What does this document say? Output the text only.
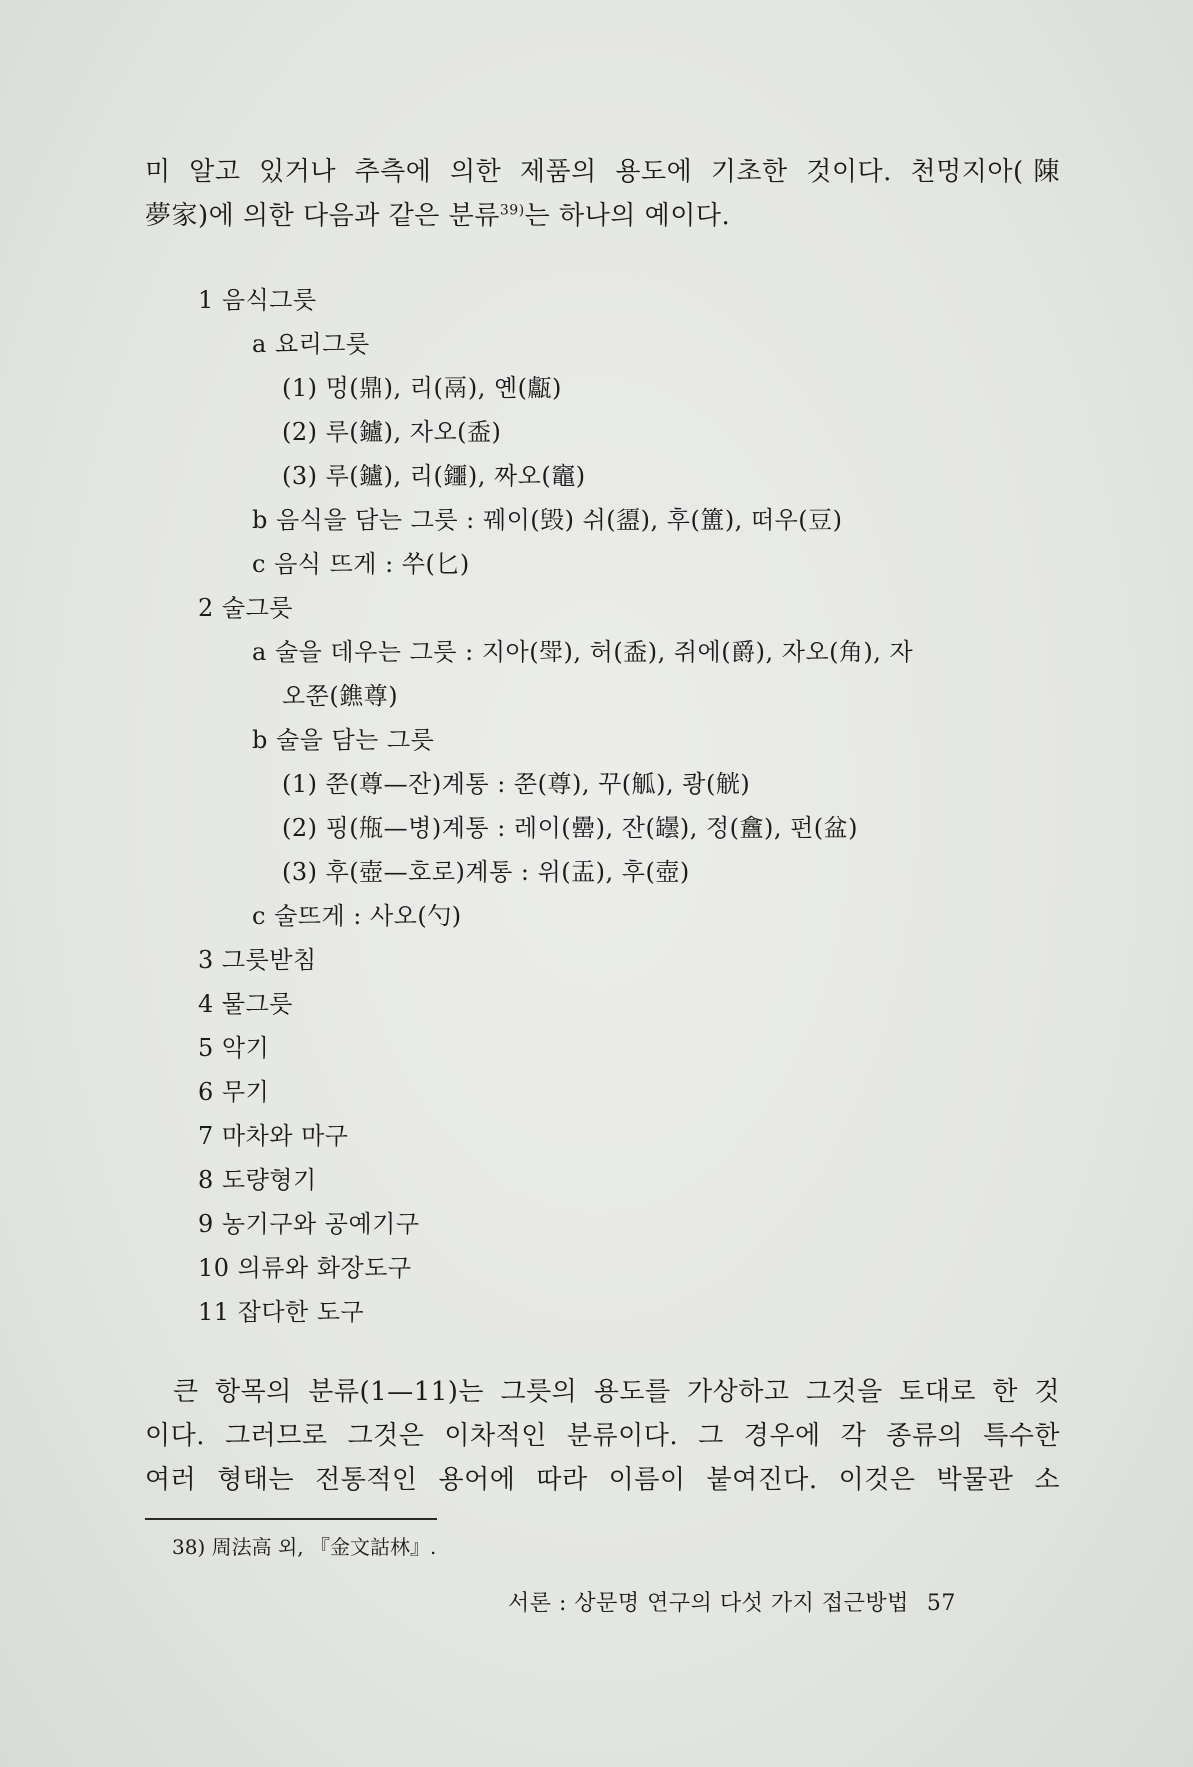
미 알고 있거나 추측에 의한 제품의 용도에 기초한 것이다. 천멍지아(陳
夢家)에 의한 다음과 같은 분류$^{39)}$는 하나의 예이다.
1 음식그릇
a 요리그릇
(1) 멍(鼎), 리(鬲), 옌(甗)
(2) 루(鑪), 자오(盉)
(3) 루(鑪), 리(鑩), 짜오(竈)
b 음식을 담는 그릇 : 꿰이(毁) 쉬(盨), 후(簠), 떠우(豆)
c 음식 뜨게 : 쑤(匕)
2 술그릇
a 술을 데우는 그릇 : 지아(斝), 허(盉), 쥐에(爵), 자오(角), 자
오쭌(鐎尊)
b 술을 담는 그릇
(1) 쭌(尊—잔)계통 : 쭌(尊), 꾸(觚), 쾅(觥)
(2) 핑(甁—병)계통 : 레이(罍), 잔(罎), 정(盫), 펀(盆)
(3) 후(壺—호로)계통 : 위(盂), 후(壺)
c 술뜨게 : 사오(勺)
3 그릇받침
4 물그릇
5 악기
6 무기
7 마차와 마구
8 도량형기
9 농기구와 공예기구
10 의류와 화장도구
11 잡다한 도구
큰 항목의 분류(1—11)는 그릇의 용도를 가상하고 그것을 토대로 한 것
이다. 그러므로 그것은 이차적인 분류이다. 그 경우에 각 종류의 특수한
여러 형태는 전통적인 용어에 따라 이름이 붙여진다. 이것은 박물관 소
38) 周法高 외, 『金文詁林』.
서론 : 상문명 연구의 다섯 가지 접근방법 57
